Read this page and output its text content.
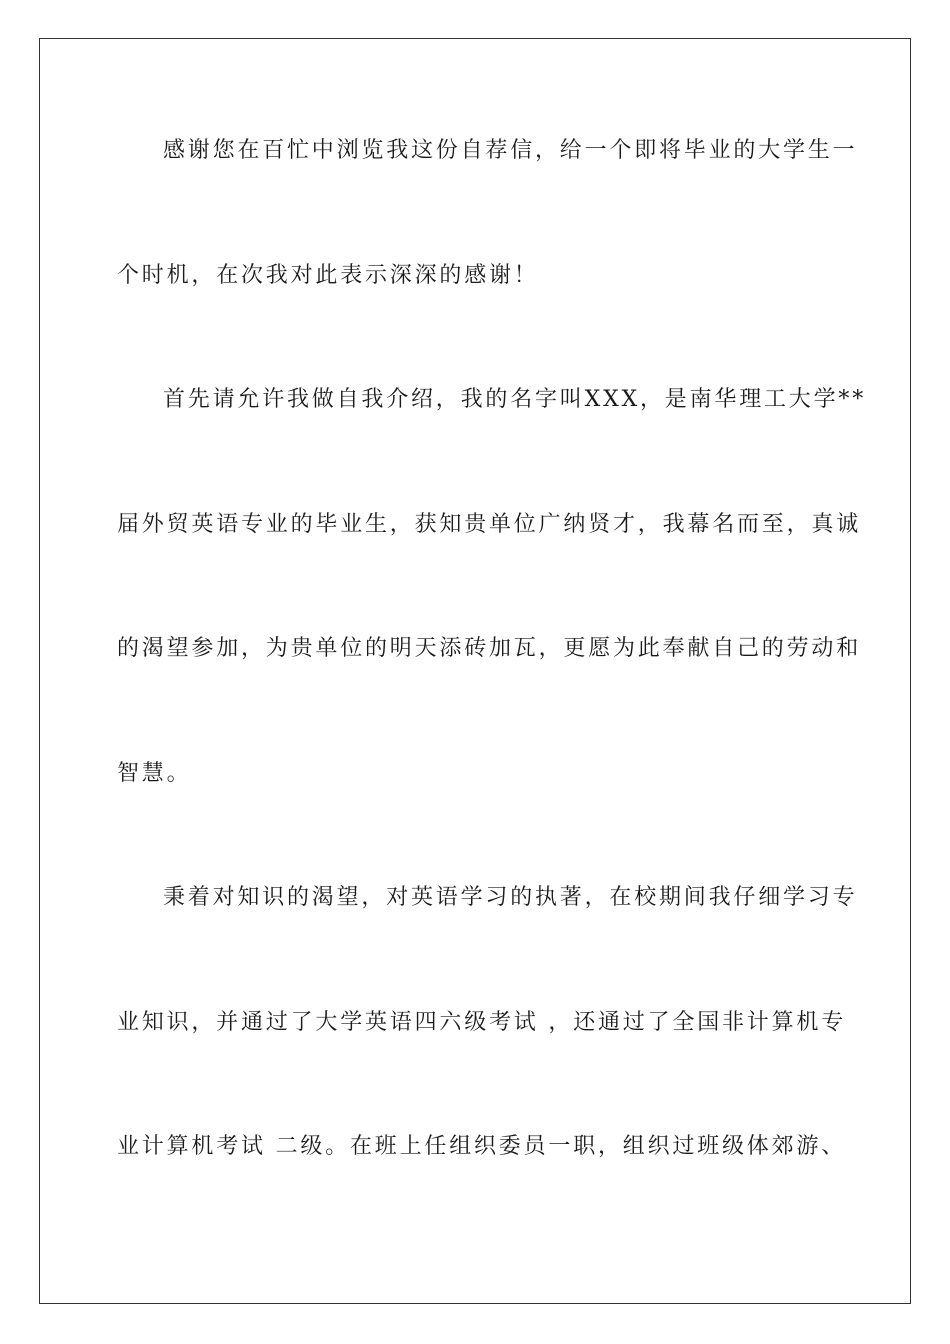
感谢您在百忙中浏览我这份自荐信，给一个即将毕业的大学生一
个时机，在次我对此表示深深的感谢！
首先请允许我做自我介绍，我的名字叫XXX，是南华理工大学**
届外贸英语专业的毕业生，获知贵单位广纳贤才，我幕名而至，真诚
的渴望参加，为贵单位的明天添砖加瓦，更愿为此奉献自己的劳动和
智慧。
秉着对知识的渴望，对英语学习的执著，在校期间我仔细学习专
业知识，并通过了大学英语四六级考试 ，还通过了全国非计算机专
业计算机考试 二级。在班上任组织委员一职，组织过班级体郊游、
